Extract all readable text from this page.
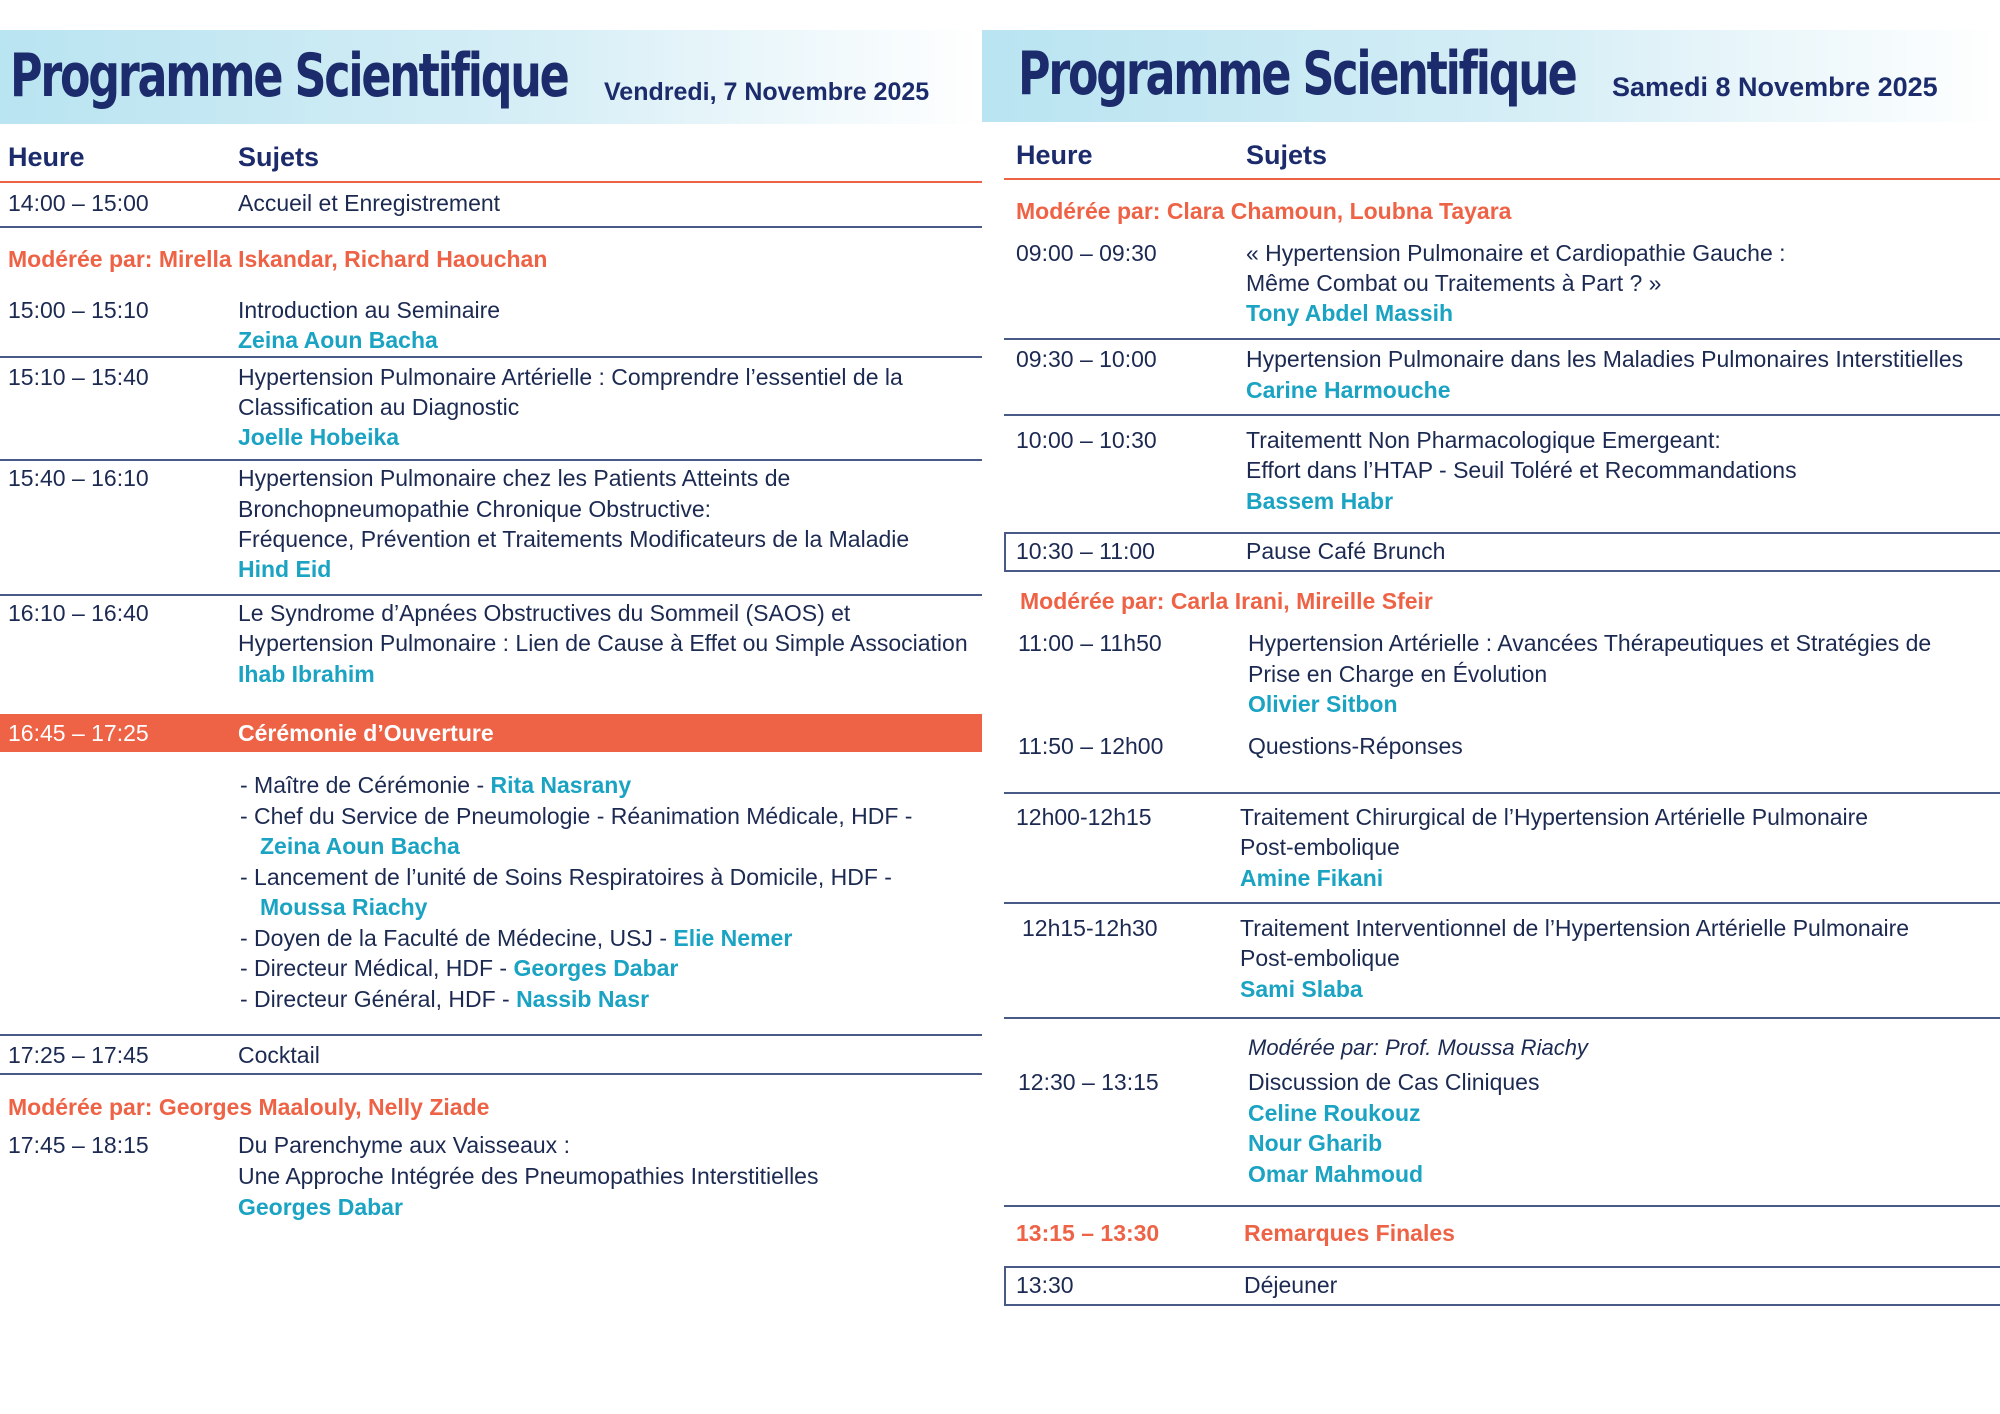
Programme Scientifique Vendredi, 7 Novembre 2025
Heure	Sujets
14:00 – 15:00	Accueil et Enregistrement
Modérée par: Mirella Iskandar, Richard Haouchan
15:00 – 15:10	Introduction au Seminaire
Zeina Aoun Bacha
15:10 – 15:40	Hypertension Pulmonaire Artérielle : Comprendre l’essentiel de la
Classification au Diagnostic
Joelle Hobeika
15:40 – 16:10	Hypertension Pulmonaire chez les Patients Atteints de
Bronchopneumopathie Chronique Obstructive:
Fréquence, Prévention et Traitements Modificateurs de la Maladie
Hind Eid
16:10 – 16:40	Le Syndrome d’Apnées Obstructives du Sommeil (SAOS) et
Hypertension Pulmonaire : Lien de Cause à Effet ou Simple Association
Ihab Ibrahim
16:45 – 17:25	Cérémonie d’Ouverture
- Maître de Cérémonie - Rita Nasrany
- Chef du Service de Pneumologie - Réanimation Médicale, HDF -
Zeina Aoun Bacha
- Lancement de l’unité de Soins Respiratoires à Domicile, HDF -
Moussa Riachy
- Doyen de la Faculté de Médecine, USJ - Elie Nemer
- Directeur Médical, HDF - Georges Dabar
- Directeur Général, HDF - Nassib Nasr
17:25 – 17:45	Cocktail
Modérée par: Georges Maalouly, Nelly Ziade
17:45 – 18:15	Du Parenchyme aux Vaisseaux :
Une Approche Intégrée des Pneumopathies Interstitielles
Georges Dabar
Programme Scientifique Samedi 8 Novembre 2025
Heure	Sujets
Modérée par: Clara Chamoun, Loubna Tayara
09:00 – 09:30	« Hypertension Pulmonaire et Cardiopathie Gauche :
Même Combat ou Traitements à Part ? »
Tony Abdel Massih
09:30 – 10:00	Hypertension Pulmonaire dans les Maladies Pulmonaires Interstitielles
Carine Harmouche
10:00 – 10:30	Traitementt Non Pharmacologique Emergeant:
Effort dans l’HTAP - Seuil Toléré et Recommandations
Bassem Habr
10:30 – 11:00	Pause Café Brunch
Modérée par: Carla Irani, Mireille Sfeir
11:00 – 11h50	Hypertension Artérielle : Avancées Thérapeutiques et Stratégies de
Prise en Charge en Évolution
Olivier Sitbon
11:50 – 12h00	Questions-Réponses
12h00-12h15	Traitement Chirurgical de l’Hypertension Artérielle Pulmonaire
Post-embolique
Amine Fikani
12h15-12h30	Traitement Interventionnel de l’Hypertension Artérielle Pulmonaire
Post-embolique
Sami Slaba
Modérée par: Prof. Moussa Riachy
12:30 – 13:15	Discussion de Cas Cliniques
Celine Roukouz
Nour Gharib
Omar Mahmoud
13:15 – 13:30	Remarques Finales
13:30	Déjeuner
